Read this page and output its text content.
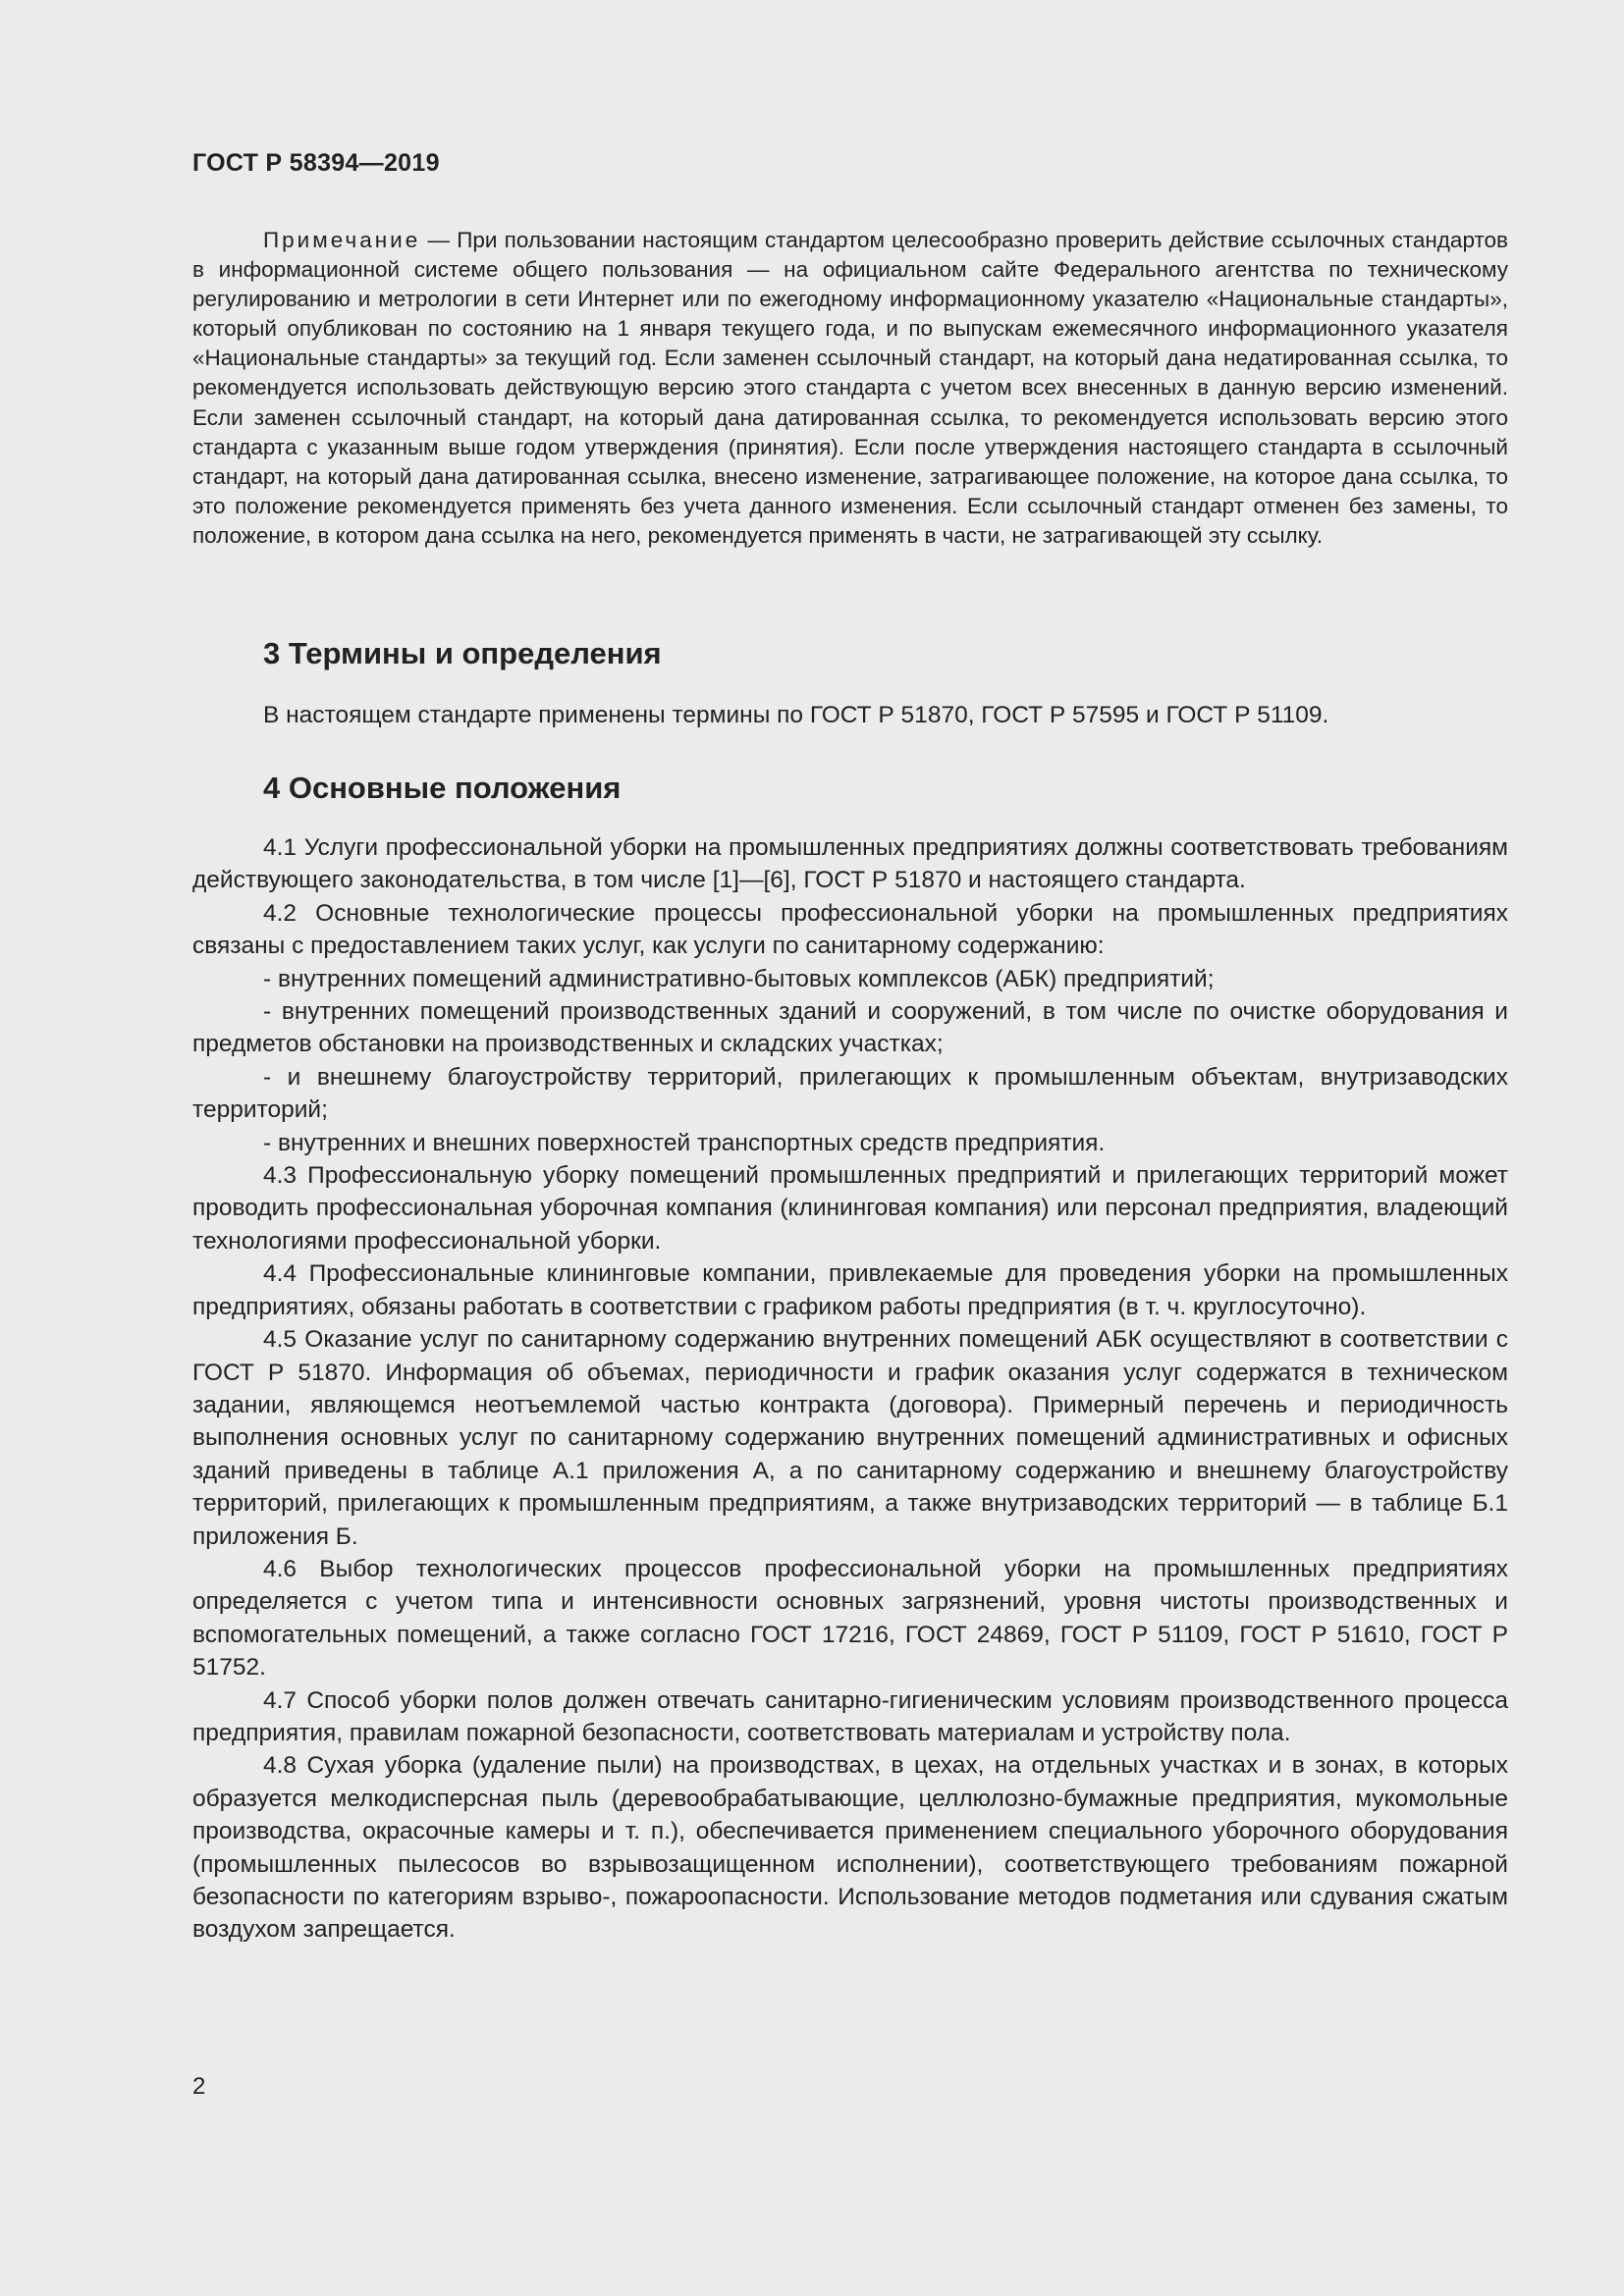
ГОСТ Р 58394—2019
Примечание — При пользовании настоящим стандартом целесообразно проверить действие ссылочных стандартов в информационной системе общего пользования — на официальном сайте Федерального агентства по техническому регулированию и метрологии в сети Интернет или по ежегодному информационному указателю «Национальные стандарты», который опубликован по состоянию на 1 января текущего года, и по выпускам ежемесячного информационного указателя «Национальные стандарты» за текущий год. Если заменен ссылочный стандарт, на который дана недатированная ссылка, то рекомендуется использовать действующую версию этого стандарта с учетом всех внесенных в данную версию изменений. Если заменен ссылочный стандарт, на который дана датированная ссылка, то рекомендуется использовать версию этого стандарта с указанным выше годом утверждения (принятия). Если после утверждения настоящего стандарта в ссылочный стандарт, на который дана датированная ссылка, внесено изменение, затрагивающее положение, на которое дана ссылка, то это положение рекомендуется применять без учета данного изменения. Если ссылочный стандарт отменен без замены, то положение, в котором дана ссылка на него, рекомендуется применять в части, не затрагивающей эту ссылку.
3 Термины и определения

В настоящем стандарте применены термины по ГОСТ Р 51870, ГОСТ Р 57595 и ГОСТ Р 51109.

4 Основные положения

4.1 Услуги профессиональной уборки на промышленных предприятиях должны соответствовать требованиям действующего законодательства, в том числе [1]—[6], ГОСТ Р 51870 и настоящего стандарта.

4.2 Основные технологические процессы профессиональной уборки на промышленных предприятиях связаны с предоставлением таких услуг, как услуги по санитарному содержанию:

- внутренних помещений административно-бытовых комплексов (АБК) предприятий;

- внутренних помещений производственных зданий и сооружений, в том числе по очистке оборудования и предметов обстановки на производственных и складских участках;

- и внешнему благоустройству территорий, прилегающих к промышленным объектам, внутризаводских территорий;

- внутренних и внешних поверхностей транспортных средств предприятия.

4.3 Профессиональную уборку помещений промышленных предприятий и прилегающих территорий может проводить профессиональная уборочная компания (клининговая компания) или персонал предприятия, владеющий технологиями профессиональной уборки.

4.4 Профессиональные клининговые компании, привлекаемые для проведения уборки на промышленных предприятиях, обязаны работать в соответствии с графиком работы предприятия (в т. ч. круглосуточно).

4.5 Оказание услуг по санитарному содержанию внутренних помещений АБК осуществляют в соответствии с ГОСТ Р 51870. Информация об объемах, периодичности и график оказания услуг содержатся в техническом задании, являющемся неотъемлемой частью контракта (договора). Примерный перечень и периодичность выполнения основных услуг по санитарному содержанию внутренних помещений административных и офисных зданий приведены в таблице А.1 приложения А, а по санитарному содержанию и внешнему благоустройству территорий, прилегающих к промышленным предприятиям, а также внутризаводских территорий — в таблице Б.1 приложения Б.

4.6 Выбор технологических процессов профессиональной уборки на промышленных предприятиях определяется с учетом типа и интенсивности основных загрязнений, уровня чистоты производственных и вспомогательных помещений, а также согласно ГОСТ 17216, ГОСТ 24869, ГОСТ Р 51109, ГОСТ Р 51610, ГОСТ Р 51752.

4.7 Способ уборки полов должен отвечать санитарно-гигиеническим условиям производственного процесса предприятия, правилам пожарной безопасности, соответствовать материалам и устройству пола.

4.8 Сухая уборка (удаление пыли) на производствах, в цехах, на отдельных участках и в зонах, в которых образуется мелкодисперсная пыль (деревообрабатывающие, целлюлозно-бумажные предприятия, мукомольные производства, окрасочные камеры и т. п.), обеспечивается применением специального уборочного оборудования (промышленных пылесосов во взрывозащищенном исполнении), соответствующего требованиям пожарной безопасности по категориям взрыво-, пожароопасности. Использование методов подметания или сдувания сжатым воздухом запрещается.

2
